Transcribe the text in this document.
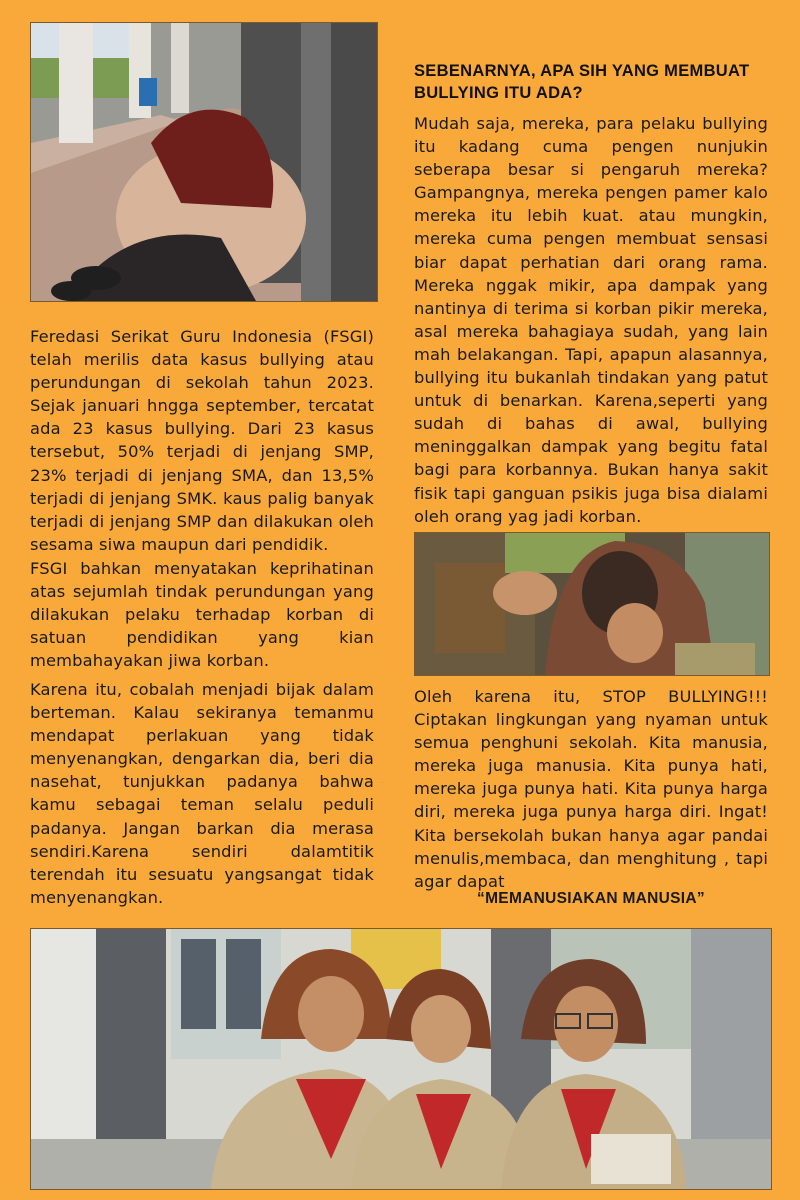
Feredasi Serikat Guru Indonesia (FSGI) telah merilis data kasus bullying atau perundungan di sekolah tahun 2023. Sejak januari hngga september, tercatat ada 23 kasus bullying. Dari 23 kasus tersebut, 50% terjadi di jenjang SMP, 23% terjadi di jenjang SMA, dan 13,5% terjadi di jenjang SMK. kaus palig banyak terjadi di jenjang SMP dan dilakukan oleh sesama siwa maupun dari pendidik.

FSGI bahkan menyatakan keprihatinan atas sejumlah tindak perundungan yang dilakukan pelaku terhadap korban di satuan pendidikan yang kian membahayakan jiwa korban.

Karena itu, cobalah menjadi bijak dalam berteman. Kalau sekiranya temanmu mendapat perlakuan yang tidak menyenangkan, dengarkan dia, beri dia nasehat, tunjukkan padanya bahwa kamu sebagai teman selalu peduli padanya. Jangan barkan dia merasa sendiri.Karena sendiri dalamtitik terendah itu sesuatu yangsangat tidak menyenangkan.

SEBENARNYA, APA SIH YANG MEMBUAT BULLYING ITU ADA?

Mudah saja, mereka, para pelaku bullying itu kadang cuma pengen nunjukin seberapa besar si pengaruh mereka? Gampangnya, mereka pengen pamer kalo mereka itu lebih kuat. atau mungkin, mereka cuma pengen membuat sensasi biar dapat perhatian dari orang rama. Mereka nggak mikir, apa dampak yang nantinya di terima si korban pikir mereka, asal mereka bahagiaya sudah, yang lain mah belakangan. Tapi, apapun alasannya, bullying itu bukanlah tindakan yang patut untuk di benarkan. Karena,seperti yang sudah di bahas di awal, bullying meninggalkan dampak yang begitu fatal bagi para korbannya. Bukan hanya sakit fisik tapi ganguan psikis juga bisa dialami oleh orang yag jadi korban.

Oleh karena itu, STOP BULLYING!!! Ciptakan lingkungan yang nyaman untuk semua penghuni sekolah. Kita manusia, mereka juga manusia. Kita punya hati, mereka juga punya hati. Kita punya harga diri, mereka juga punya harga diri. Ingat! Kita bersekolah bukan hanya agar pandai menulis,membaca, dan menghitung , tapi agar dapat

“MEMANUSIAKAN MANUSIA”
